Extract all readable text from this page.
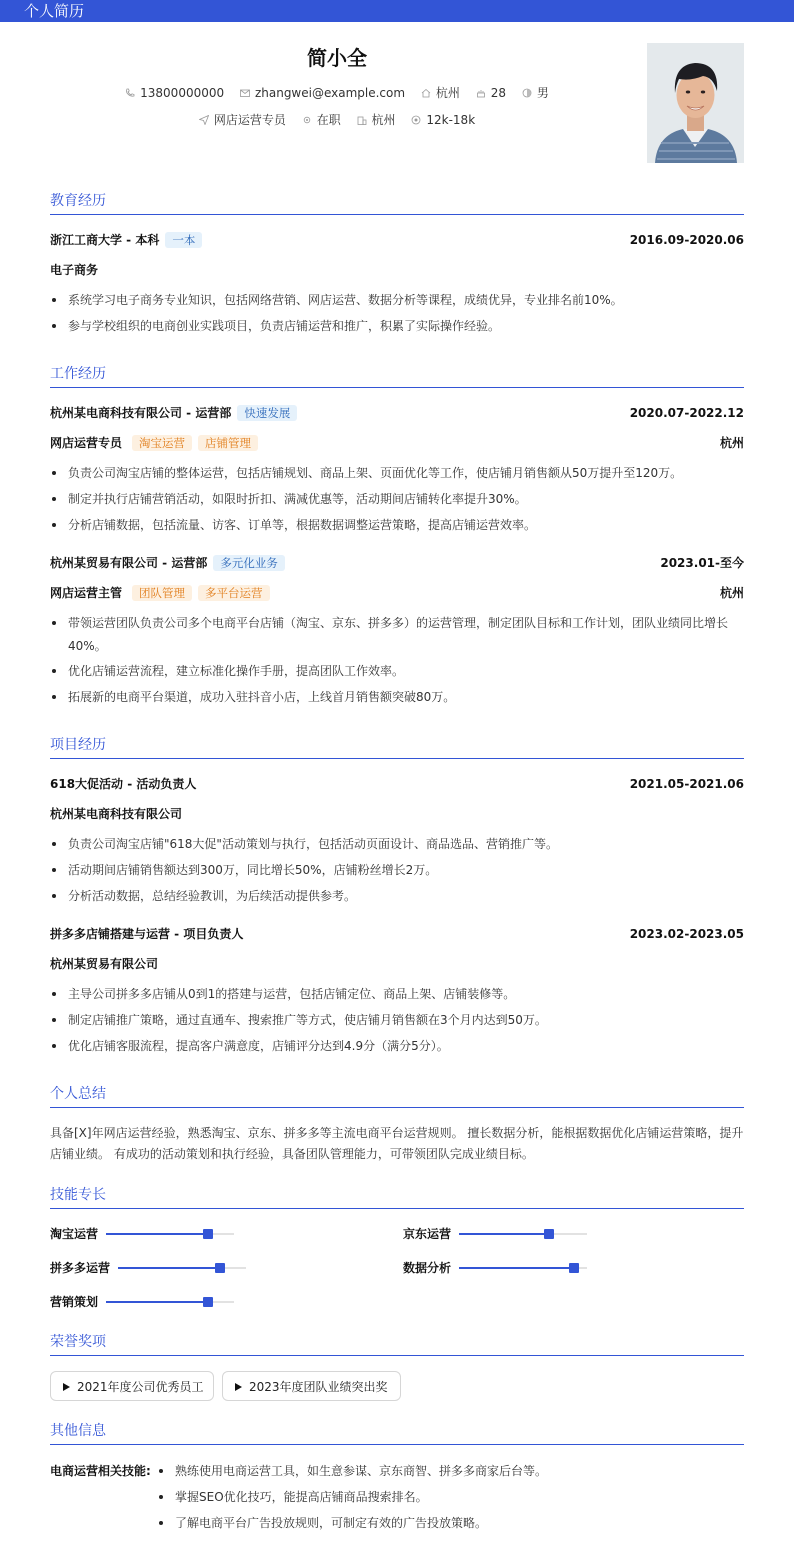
个人简历
简小全
13800000000	zhangwei@example.com	杭州	28	男
网店运营专员	在职	杭州	12k-18k
教育经历
浙江工商大学 - 本科 一本	2016.09-2020.06
电子商务
系统学习电子商务专业知识，包括网络营销、网店运营、数据分析等课程，成绩优异，专业排名前10%。
参与学校组织的电商创业实践项目，负责店铺运营和推广，积累了实际操作经验。
工作经历
杭州某电商科技有限公司 - 运营部 快速发展	2020.07-2022.12
网店运营专员 淘宝运营 店铺管理	杭州
负责公司淘宝店铺的整体运营，包括店铺规划、商品上架、页面优化等工作，使店铺月销售额从50万提升至120万。
制定并执行店铺营销活动，如限时折扣、满减优惠等，活动期间店铺转化率提升30%。
分析店铺数据，包括流量、访客、订单等，根据数据调整运营策略，提高店铺运营效率。
杭州某贸易有限公司 - 运营部 多元化业务	2023.01-至今
网店运营主管 团队管理 多平台运营	杭州
带领运营团队负责公司多个电商平台店铺（淘宝、京东、拼多多）的运营管理，制定团队目标和工作计划，团队业绩同比增长40%。
优化店铺运营流程，建立标准化操作手册，提高团队工作效率。
拓展新的电商平台渠道，成功入驻抖音小店，上线首月销售额突破80万。
项目经历
618大促活动 - 活动负责人	2021.05-2021.06
杭州某电商科技有限公司
负责公司淘宝店铺"618大促"活动策划与执行，包括活动页面设计、商品选品、营销推广等。
活动期间店铺销售额达到300万，同比增长50%，店铺粉丝增长2万。
分析活动数据，总结经验教训，为后续活动提供参考。
拼多多店铺搭建与运营 - 项目负责人	2023.02-2023.05
杭州某贸易有限公司
主导公司拼多多店铺从0到1的搭建与运营，包括店铺定位、商品上架、店铺装修等。
制定店铺推广策略，通过直通车、搜索推广等方式，使店铺月销售额在3个月内达到50万。
优化店铺客服流程，提高客户满意度，店铺评分达到4.9分（满分5分）。
个人总结
具备[X]年网店运营经验，熟悉淘宝、京东、拼多多等主流电商平台运营规则。 擅长数据分析，能根据数据优化店铺运营策略，提升店铺业绩。 有成功的活动策划和执行经验，具备团队管理能力，可带领团队完成业绩目标。
技能专长
淘宝运营	京东运营
拼多多运营	数据分析
营销策划
荣誉奖项
2021年度公司优秀员工	2023年度团队业绩突出奖
其他信息
电商运营相关技能:	熟练使用电商运营工具，如生意参谋、京东商智、拼多多商家后台等。
掌握SEO优化技巧，能提高店铺商品搜索排名。
了解电商平台广告投放规则，可制定有效的广告投放策略。
